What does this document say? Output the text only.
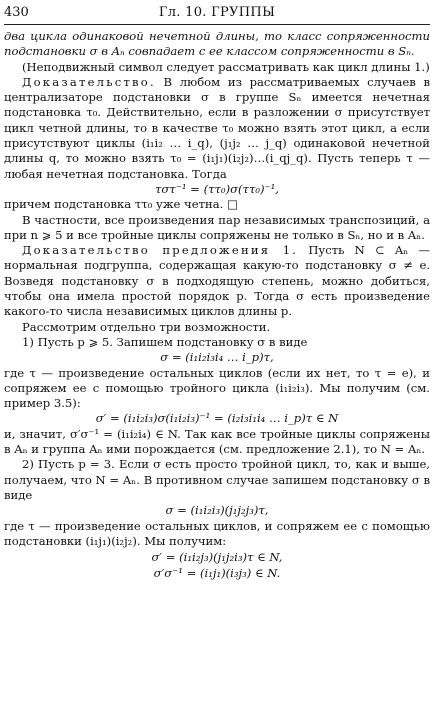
430	Гл. 10. ГРУППЫ

два цикла одинаковой нечетной длины, то класс сопряженности подстановки σ в Aₙ совпадает с ее классом сопряженности в Sₙ.

(Неподвижный символ следует рассматривать как цикл длины 1.)

Доказательство. В любом из рассматриваемых случаев в централизаторе подстановки σ в группе Sₙ имеется нечетная подстановка τ₀. Действительно, если в разложении σ присутствует цикл четной длины, то в качестве τ₀ можно взять этот цикл, а если присутствуют циклы (i₁i₂ … i_q), (j₁j₂ … j_q) одинаковой нечетной длины q, то можно взять τ₀ = (i₁j₁)(i₂j₂)…(i_qj_q). Пусть теперь τ — любая нечетная подстановка. Тогда

τστ⁻¹ = (ττ₀)σ(ττ₀)⁻¹,

причем подстановка ττ₀ уже четна. □

В частности, все произведения пар независимых транспозиций, а при n ⩾ 5 и все тройные циклы сопряжены не только в Sₙ, но и в Aₙ.

Доказательство предложения 1. Пусть N ⊂ Aₙ — нормальная подгруппа, содержащая какую-то подстановку σ ≠ e. Возведя подстановку σ в подходящую степень, можно добиться, чтобы она имела простой порядок p. Тогда σ есть произведение какого-то числа независимых циклов длины p.

Рассмотрим отдельно три возможности.

1) Пусть p ⩾ 5. Запишем подстановку σ в виде

σ = (i₁i₂i₃i₄ … i_p)τ,

где τ — произведение остальных циклов (если их нет, то τ = e), и сопряжем ее с помощью тройного цикла (i₁i₂i₃). Мы получим (см. пример 3.5):

σ′ = (i₁i₂i₃)σ(i₁i₂i₃)⁻¹ = (i₂i₃i₁i₄ … i_p)τ ∈ N

и, значит, σ′σ⁻¹ = (i₁i₂i₄) ∈ N. Так как все тройные циклы сопряжены в Aₙ и группа Aₙ ими порождается (см. предложение 2.1), то N = Aₙ.

2) Пусть p = 3. Если σ есть просто тройной цикл, то, как и выше, получаем, что N = Aₙ. В противном случае запишем подстановку σ в виде

σ = (i₁i₂i₃)(j₁j₂j₃)τ,

где τ — произведение остальных циклов, и сопряжем ее с помощью подстановки (i₁j₁)(i₂j₂). Мы получим:

σ′ = (i₁i₂j₃)(j₁j₂i₃)τ ∈ N,

σ′σ⁻¹ = (i₁j₁)(i₃j₃) ∈ N.
